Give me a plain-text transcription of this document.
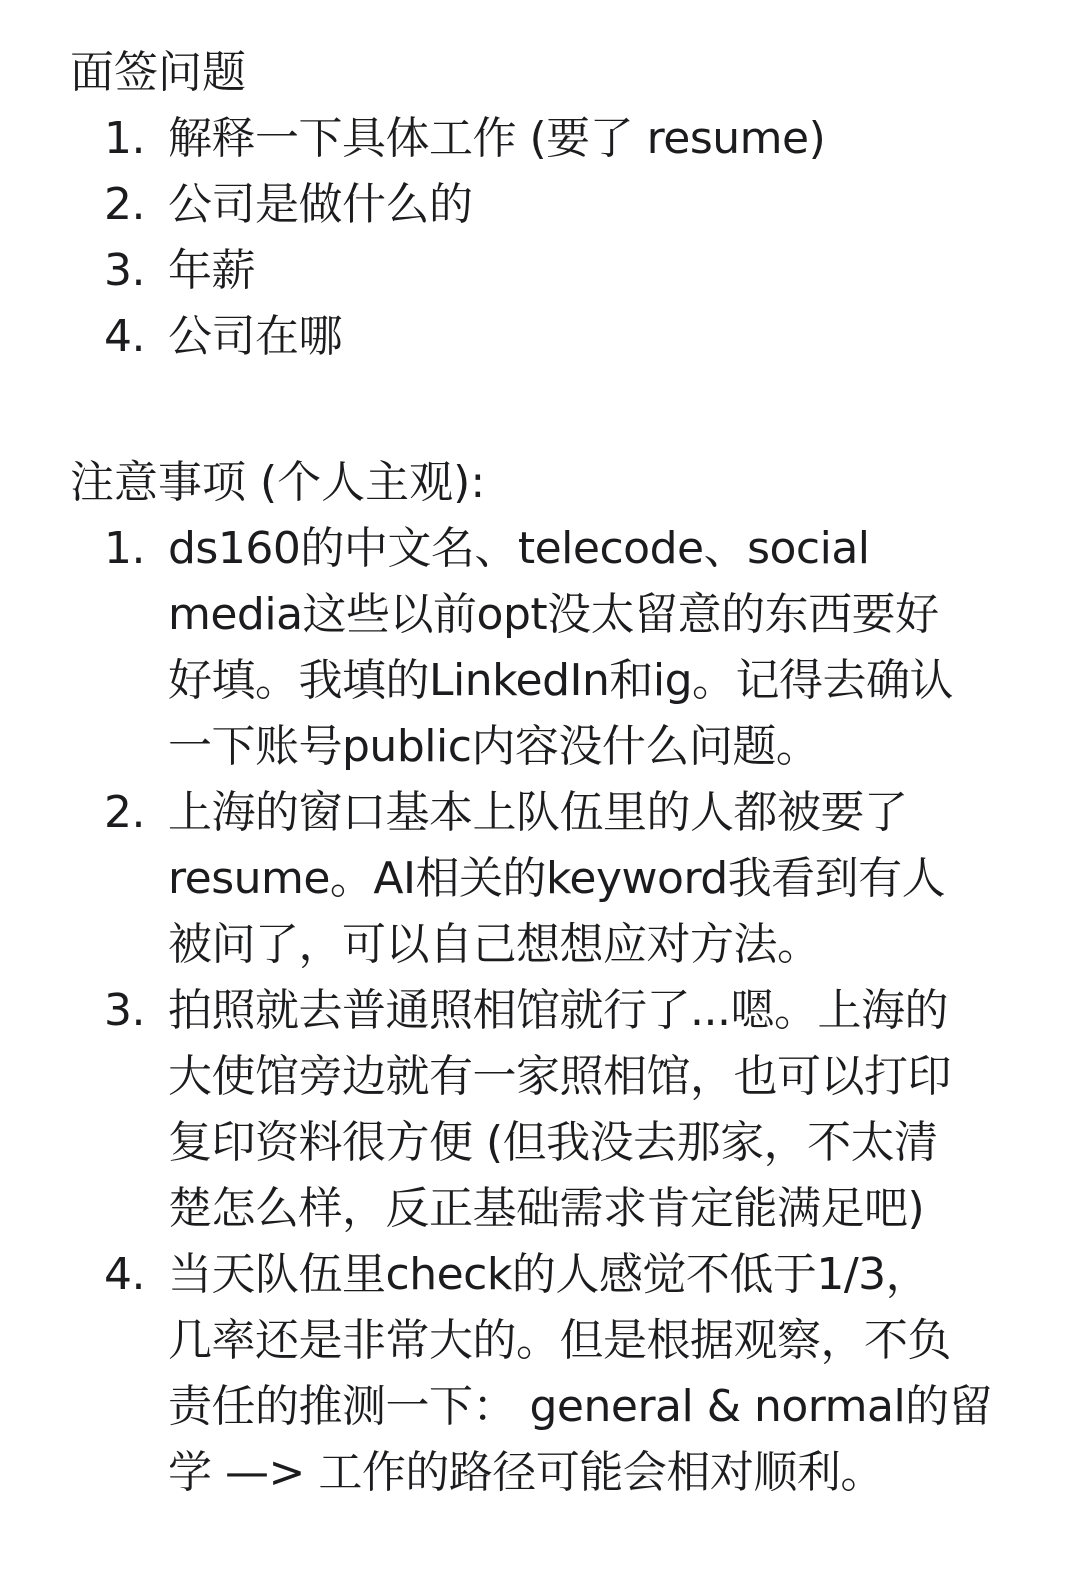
面签问题
1. 解释一下具体工作 (要了 resume)
2. 公司是做什么的
3. 年薪
4. 公司在哪
注意事项 (个人主观):
1. ds160的中文名、telecode、social
media这些以前opt没太留意的东西要好
好填。我填的LinkedIn和ig。记得去确认
一下账号public内容没什么问题。
2. 上海的窗口基本上队伍里的人都被要了
resume。AI相关的keyword我看到有人
被问了，可以自己想想应对方法。
3. 拍照就去普通照相馆就行了...嗯。上海的
大使馆旁边就有一家照相馆，也可以打印
复印资料很方便 (但我没去那家，不太清
楚怎么样，反正基础需求肯定能满足吧)
4. 当天队伍里check的人感觉不低于1/3，
几率还是非常大的。但是根据观察，不负
责任的推测一下： general & normal的留
学 —> 工作的路径可能会相对顺利。
